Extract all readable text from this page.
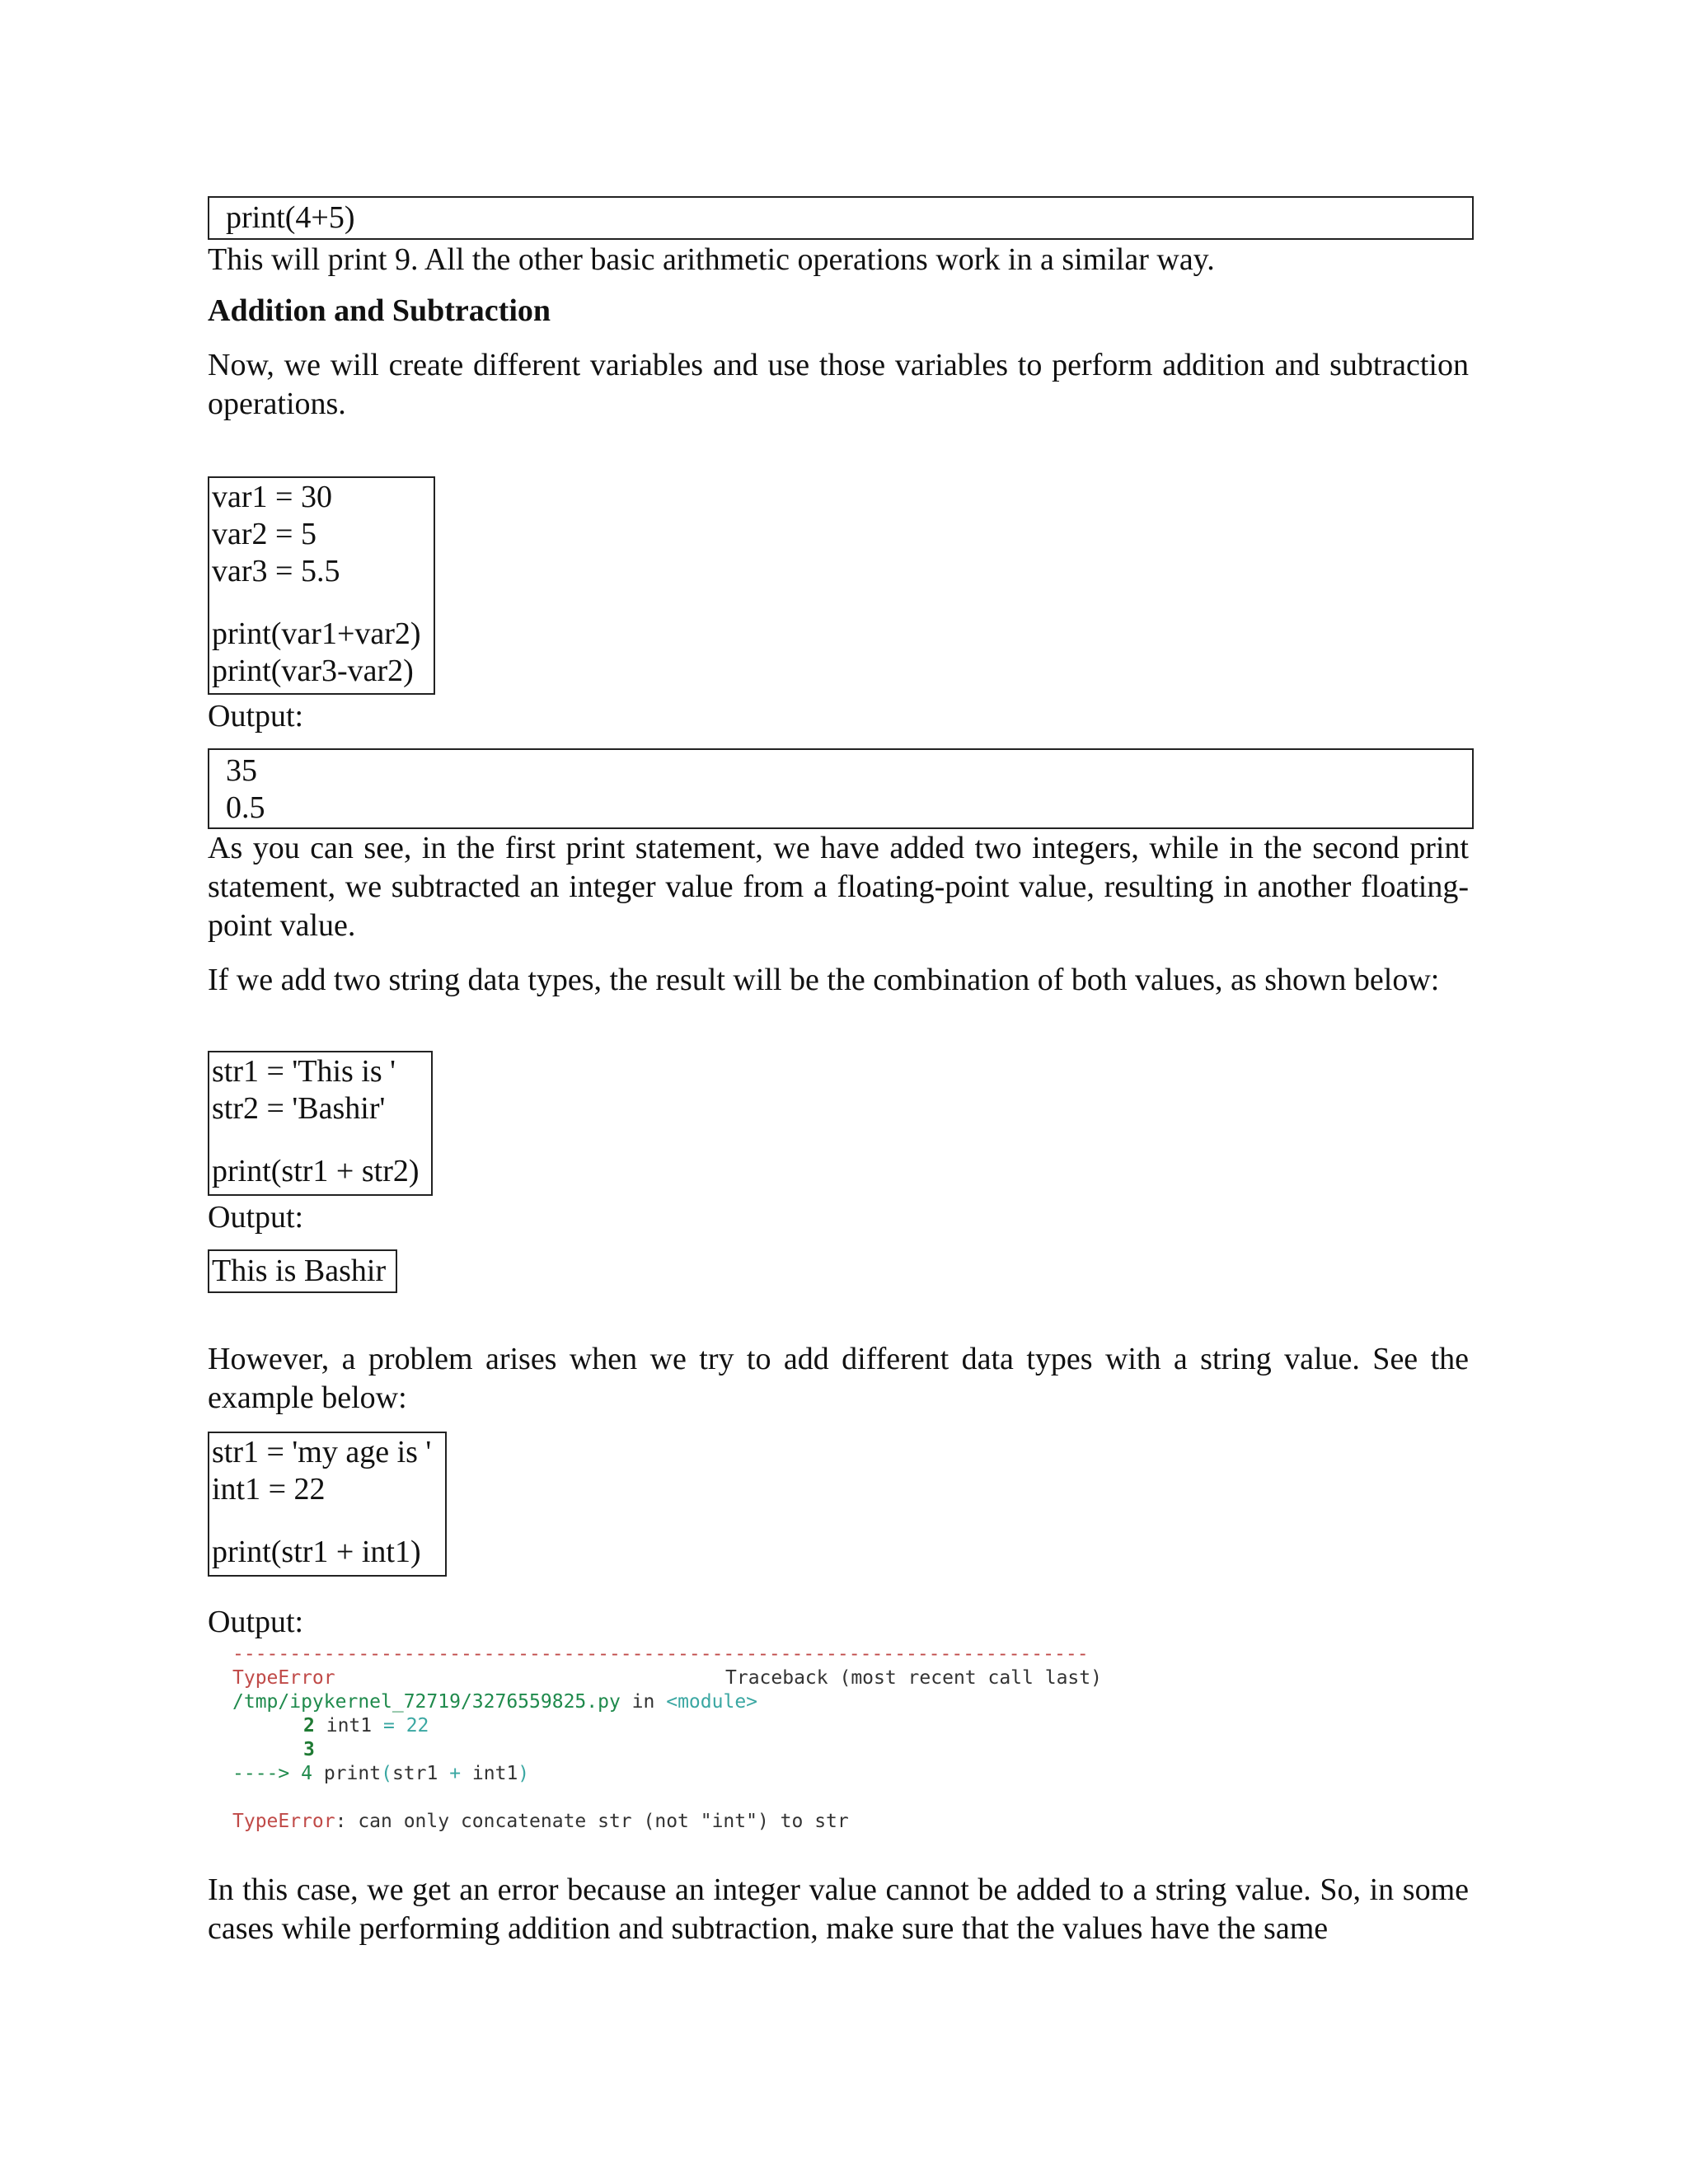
print(4+5)
This will print 9. All the other basic arithmetic operations work in a similar way.
Addition and Subtraction
Now, we will create different variables and use those variables to perform addition and subtraction operations.
var1 = 30
var2 = 5
var3 = 5.5
print(var1+var2)
print(var3-var2)
Output:
35
0.5
As you can see, in the first print statement, we have added two integers, while in the second print statement, we subtracted an integer value from a floating-point value, resulting in another floating-point value.
If we add two string data types, the result will be the combination of both values, as shown below:
str1 = 'This is '
str2 = 'Bashir'
print(str1 + str2)
Output:
This is Bashir
However, a problem arises when we try to add different data types with a string value. See the example below:
str1 = 'my age is '
int1 = 22
print(str1 + int1)
Output:
---------------------------------------------------------------------------
TypeError	Traceback (most recent call last)
/tmp/ipykernel_72719/3276559825.py in <module>
2 int1 = 22
3
----> 4 print(str1 + int1)
TypeError: can only concatenate str (not "int") to str
In this case, we get an error because an integer value cannot be added to a string value. So, in some cases while performing addition and subtraction, make sure that the values have the same
